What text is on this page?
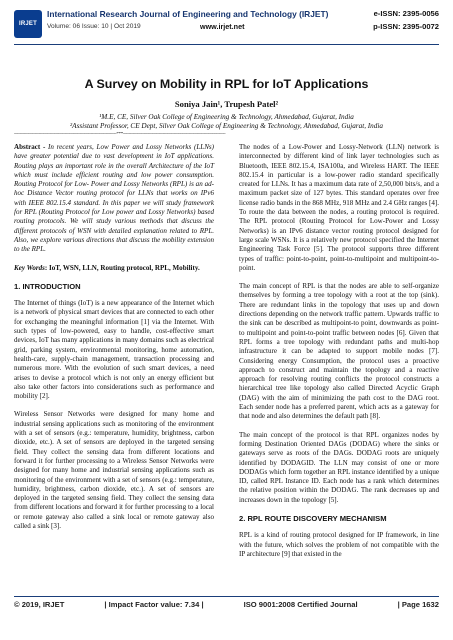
IRJET
International Research Journal of Engineering and Technology (IRJET)	e-ISSN: 2395-0056
Volume: 06 Issue: 10 | Oct 2019	www.irjet.net	p-ISSN: 2395-0072
A Survey on Mobility in RPL for IoT Applications
Soniya Jain¹, Trupesh Patel²
¹M.E, CE, Silver Oak College of Engineering & Technology, Ahmedabad, Gujarat, India
²Assistant Professor, CE Dept, Silver Oak College of Engineering & Technology, Ahmedabad, Gujarat, India
---------------------------------------------------------------------------***---------------------------------------------------------------------------

Abstract - In recent years, Low Power and Lossy Networks (LLNs) have greater potential due to vast development in IoT applications. Routing plays an important role in the overall Architecture of the IoT which must include efficient routing and low power consumption. Routing Protocol for Low- Power and Lossy Networks (RPL) is an ad-hoc Distance Vector routing protocol for LLNs that works on IPv6 with IEEE 802.15.4 standard. In this paper we will study framework for RPL (Routing Protocol for Low power and Lossy Networks) based routing protocols. We will study various methods that discuss the different protocols of WSN with detailed explanation related to RPL. Also, we explore various directions that discuss the mobility extension to the RPL.

Key Words: IoT, WSN, LLN, Routing protocol, RPL, Mobility.

1. INTRODUCTION

The Internet of things (IoT) is a new appearance of the Internet which is a network of physical smart devices that are connected to each other for exchanging the meaningful information [1] via the Internet. With such types of low-powered, easy to handle, cost-effective smart devices, IoT has many applications in many domains such as electrical grid, parking system, environmental monitoring, home automation, health-care, supply-chain management, transaction processing and numerous more. With the evolution of such smart devices, a need arises to devise a protocol which is not only an energy efficient but also take other factors into considerations such as performance and mobility [2].

Wireless Sensor Networks were designed for many home and industrial sensing applications such as monitoring of the environment with a set of sensors (e.g.: temperature, humidity, brightness, carbon dioxide, etc.). A set of sensors are deployed in the targeted sensing field. They collect the sensing data from different locations and forward it for further processing to a Wireless Sensor Networks were designed for many home and industrial sensing applications such as monitoring of the environment with a set of sensors (e.g.: temperature, humidity, brightness, carbon dioxide, etc.). A set of sensors are deployed in the targeted sensing field. They collect the sensing data from different locations and forward it for further processing to a local or remote gateway also called a sink local or remote gateway also called a sink [3].

The nodes of a Low-Power and Lossy-Network (LLN) network is interconnected by different kind of link layer technologies such as Bluetooth, IEEE 802.15.4, ISA100a, and Wireless HART. The IEEE 802.15.4 in particular is a low-power radio standard specifically created for LLNs. It has a maximum data rate of 2,50,000 bits/s, and a maximum packet size of 127 bytes. This standard operates over free license radio bands in the 868 MHz, 918 MHz and 2.4 GHz ranges [4]. To route the data between the nodes, a routing protocol is required. The RPL protocol (Routing Protocol for Low-Power and Lossy Networks) is an IPv6 distance vector routing protocol designed for large scale WSNs. It is a relatively new protocol specified the Internet Engineering Task Force [5]. The protocol supports three different types of traffic: point-to-point, point-to-multipoint and multipoint-to-point.

The main concept of RPL is that the nodes are able to self-organize themselves by forming a tree topology with a root at the top (sink). There are redundant links in the topology that uses up and down directions depending on the network traffic pattern. Upwards traffic to the sink can be described as multipoint-to point, downwards as point-to multipoint and point-to-point traffic between nodes [6]. Given that RPL forms a tree topology with redundant paths and multi-hop infrastructure it can be adapted to support mobile nodes [7]. Considering energy Consumption, the protocol uses a proactive approach to construct and maintain the topology and a reactive approach for resolving routing conflicts the protocol constructs a hierarchical tree like topology also called Directed Acyclic Graph (DAG) with the aim of minimizing the path cost to the DAG root. Each sender node has a preferred parent, which acts as a gateway for that node and also determines the default path [8].

The main concept of the protocol is that RPL organizes nodes by forming Destination Oriented DAGs (DODAG) where the sinks or gateways serve as roots of the DAGs. DODAG roots are uniquely identified by DODAGID. The LLN may consist of one or more DODAGs which form together an RPL instance identified by a unique ID, called RPL Instance ID. Each node has a rank which determines the relative position within the DODAG. The rank decreases up and increases down in the topology [5].

2. RPL ROUTE DISCOVERY MECHANISM

RPL is a kind of routing protocol designed for IP framework, in line with the future, which solves the problem of not compatible with the IP architecture [9] that existed in the

© 2019, IRJET	| Impact Factor value: 7.34 |	ISO 9001:2008 Certified Journal	| Page 1632
